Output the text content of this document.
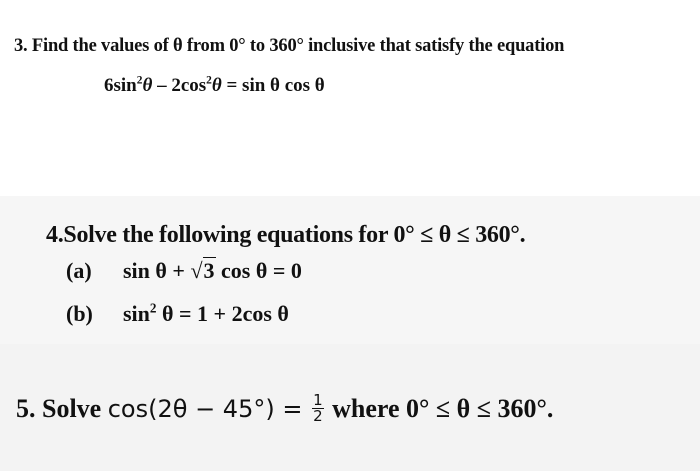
3. Find the values of θ from 0° to 360° inclusive that satisfy the equation
$6\sin^2\theta - 2\cos^2\theta = \sin \theta$ cos θ
4.Solve the following equations for 0° ≤ θ ≤ 360°.
(a) sin θ + √3 cos θ = 0
(b) $\sin^2 \theta = 1 + 2\cos$ θ
5. Solve $\cos(2\theta - 45^\circ) = \frac{1}{2}$ where 0° ≤ θ ≤ 360°.
